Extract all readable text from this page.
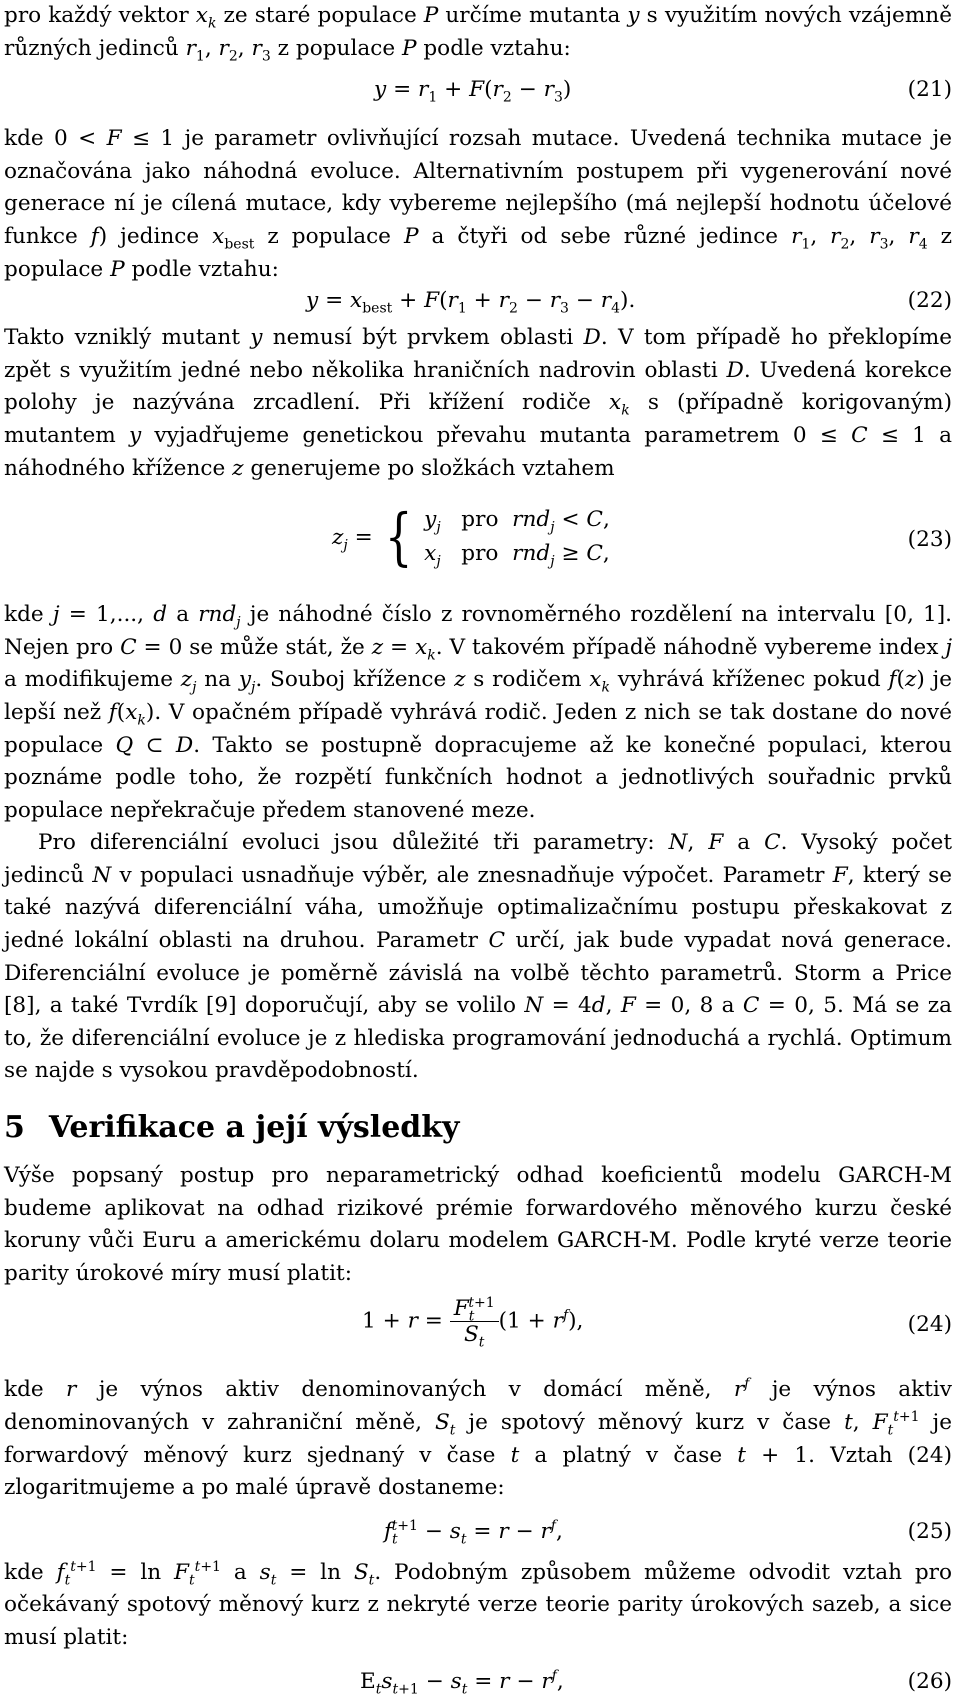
pro každý vektor $x_k$ ze staré populace P určíme mutanta y s využitím nových vzájemně různých jedinců $r_1$, $r_2$, $r_3$ z populace P podle vztahu:

$y = r_1 + F(r_2 - r_3)$	(21)

kde 0 < F ≤ 1 je parametr ovlivňující rozsah mutace. Uvedená technika mutace je označována jako náhodná evoluce. Alternativním postupem při vygenerování nové generace ní je cílená mutace, kdy vybereme nejlepšího (má nejlepší hodnotu účelové funkce f) jedince $x_{best}$ z populace P a čtyři od sebe různé jedince $r_1$, $r_2$, $r_3$, $r_4$ z populace P podle vztahu:

$y = x_{best} + F(r_1 + r_2 - r_3 - r_4)$.	(22)

Takto vzniklý mutant y nemusí být prvkem oblasti D. V tom případě ho překlopíme zpět s využitím jedné nebo několika hraničních nadrovin oblasti D. Uvedená korekce polohy je nazývána zrcadlení. Při křížení rodiče $x_k$ s (případně korigovaným) mutantem y vyjadřujeme genetickou převahu mutanta parametrem 0 ≤ C ≤ 1 a náhodného křížence z generujeme po složkách vztahem

$z_j$ = { $y_j$   pro  rnd$_j$ < C,
$x_j$   pro  rnd$_j$ ≥ C,
(23)

kde j = 1,..., d a rnd$_j$ je náhodné číslo z rovnoměrného rozdělení na intervalu [0, 1]. Nejen pro C = 0 se může stát, že $z = x_k$. V takovém případě náhodně vybereme index j a modifikujeme $z_j$ na $y_j$. Souboj křížence z s rodičem $x_k$ vyhrává kříženec pokud f(z) je lepší než $f(x_k)$. V opačném případě vyhrává rodič. Jeden z nich se tak dostane do nové populace Q ⊂ D. Takto se postupně dopracujeme až ke konečné populaci, kterou poznáme podle toho, že rozpětí funkčních hodnot a jednotlivých souřadnic prvků populace nepřekračuje předem stanovené meze.

Pro diferenciální evoluci jsou důležité tři parametry: N, F a C. Vysoký počet jedinců N v populaci usnadňuje výběr, ale znesnadňuje výpočet. Parametr F, který se také nazývá diferenciální váha, umožňuje optimalizačnímu postupu přeskakovat z jedné lokální oblasti na druhou. Parametr C určí, jak bude vypadat nová generace. Diferenciální evoluce je poměrně závislá na volbě těchto parametrů. Storm a Price [8], a také Tvrdík [9] doporučují, aby se volilo N = 4d, F = 0, 8 a C = 0, 5. Má se za to, že diferenciální evoluce je z hlediska programování jednoduchá a rychlá. Optimum se najde s vysokou pravděpodobností.

5 Verifikace a její výsledky

Výše popsaný postup pro neparametrický odhad koeficientů modelu GARCH-M budeme aplikovat na odhad rizikové prémie forwardového měnového kurzu české koruny vůči Euru a americkému dolaru modelem GARCH-M. Podle kryté verze teorie parity úrokové míry musí platit:

$1 + r = \frac{F_t^{t+1}}{S_t} (1 + r^f)$,	(24)

kde r je výnos aktiv denominovaných v domácí měně, $r^f$ je výnos aktiv denominovaných v zahraniční měně, $S_t$ je spotový měnový kurz v čase t, $F_t^{t+1}$ je forwardový měnový kurz sjednaný v čase t a platný v čase t + 1. Vztah (24) zlogaritmujeme a po malé úpravě dostaneme:

$f_t^{t+1} - s_t = r - r^f$,	(25)

kde $f_t^{t+1} = \ln F_t^{t+1}$ a $s_t = \ln S_t$. Podobným způsobem můžeme odvodit vztah pro očekávaný spotový měnový kurz z nekryté verze teorie parity úrokových sazeb, a sice musí platit:

$E_ts_{t+1} - s_t = r - r^f$,	(26)
